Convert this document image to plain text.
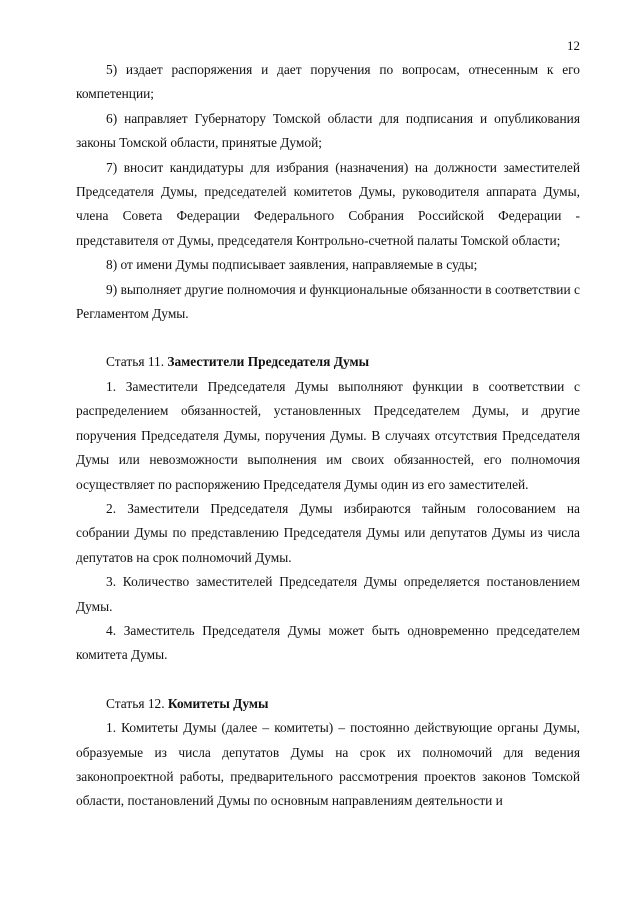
12

5) издает распоряжения и дает поручения по вопросам, отнесенным к его компетенции;

6) направляет Губернатору Томской области для подписания и опубликования законы Томской области, принятые Думой;

7) вносит кандидатуры для избрания (назначения) на должности заместителей Председателя Думы, председателей комитетов Думы, руководителя аппарата Думы, члена Совета Федерации Федерального Собрания Российской Федерации - представителя от Думы, председателя Контрольно-счетной палаты Томской области;

8) от имени Думы подписывает заявления, направляемые в суды;

9) выполняет другие полномочия и функциональные обязанности в соответствии с Регламентом Думы.

Статья 11. Заместители Председателя Думы

1. Заместители Председателя Думы выполняют функции в соответствии с распределением обязанностей, установленных Председателем Думы, и другие поручения Председателя Думы, поручения Думы. В случаях отсутствия Председателя Думы или невозможности выполнения им своих обязанностей, его полномочия осуществляет по распоряжению Председателя Думы один из его заместителей.

2. Заместители Председателя Думы избираются тайным голосованием на собрании Думы по представлению Председателя Думы или депутатов Думы из числа депутатов на срок полномочий Думы.

3. Количество заместителей Председателя Думы определяется постановлением Думы.

4. Заместитель Председателя Думы может быть одновременно председателем комитета Думы.

Статья 12. Комитеты Думы

1. Комитеты Думы (далее – комитеты) – постоянно действующие органы Думы, образуемые из числа депутатов Думы на срок их полномочий для ведения законопроектной работы, предварительного рассмотрения проектов законов Томской области, постановлений Думы по основным направлениям деятельности и
